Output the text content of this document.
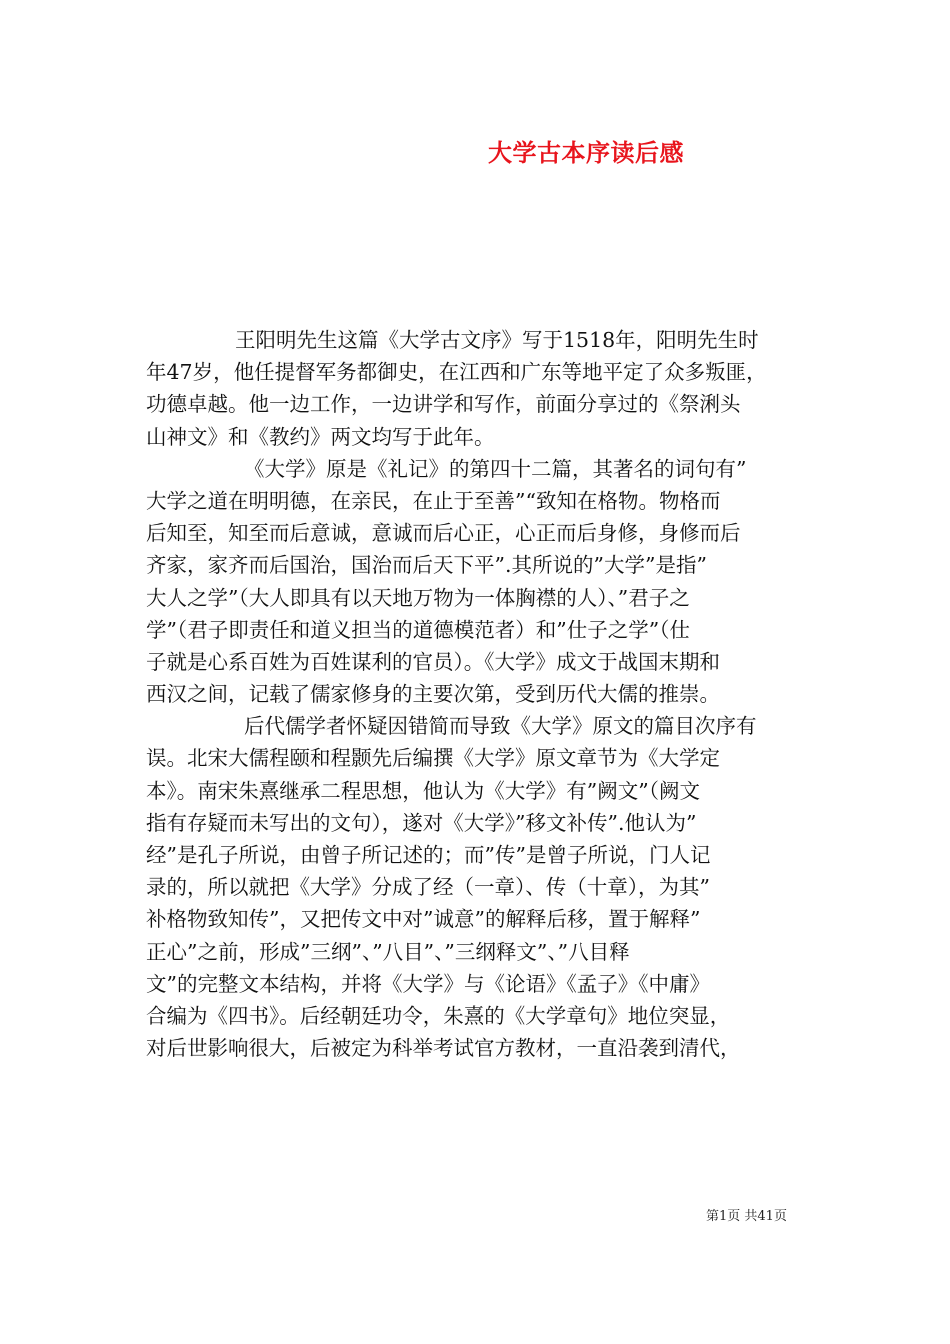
大学古本序读后感
王阳明先生这篇《大学古文序》写于1518年，阳明先生时
年47岁，他任提督军务都御史，在江西和广东等地平定了众多叛匪，
功德卓越。他一边工作，一边讲学和写作，前面分享过的《祭浰头
山神文》和《教约》两文均写于此年。
《大学》原是《礼记》的第四十二篇，其著名的词句有”
大学之道在明明德，在亲民，在止于至善”“致知在格物。物格而
后知至，知至而后意诚，意诚而后心正，心正而后身修，身修而后
齐家，家齐而后国治，国治而后天下平”.其所说的”大学”是指”
大人之学”（大人即具有以天地万物为一体胸襟的人）、”君子之
学”（君子即责任和道义担当的道德模范者）和”仕子之学”（仕
子就是心系百姓为百姓谋利的官员）。《大学》成文于战国末期和
西汉之间，记载了儒家修身的主要次第，受到历代大儒的推崇。
后代儒学者怀疑因错简而导致《大学》原文的篇目次序有
误。北宋大儒程颐和程颢先后编撰《大学》原文章节为《大学定
本》。南宋朱熹继承二程思想，他认为《大学》有”阙文”（阙文
指有存疑而未写出的文句），遂对《大学》”移文补传”.他认为”
经”是孔子所说，由曾子所记述的；而”传”是曾子所说，门人记
录的，所以就把《大学》分成了经（一章）、传（十章），为其”
补格物致知传”，又把传文中对”诚意”的解释后移，置于解释”
正心”之前，形成”三纲”、”八目”、”三纲释文”、”八目释
文”的完整文本结构，并将《大学》与《论语》《孟子》《中庸》
合编为《四书》。后经朝廷功令，朱熹的《大学章句》地位突显，
对后世影响很大，后被定为科举考试官方教材，一直沿袭到清代，
第1页 共41页
